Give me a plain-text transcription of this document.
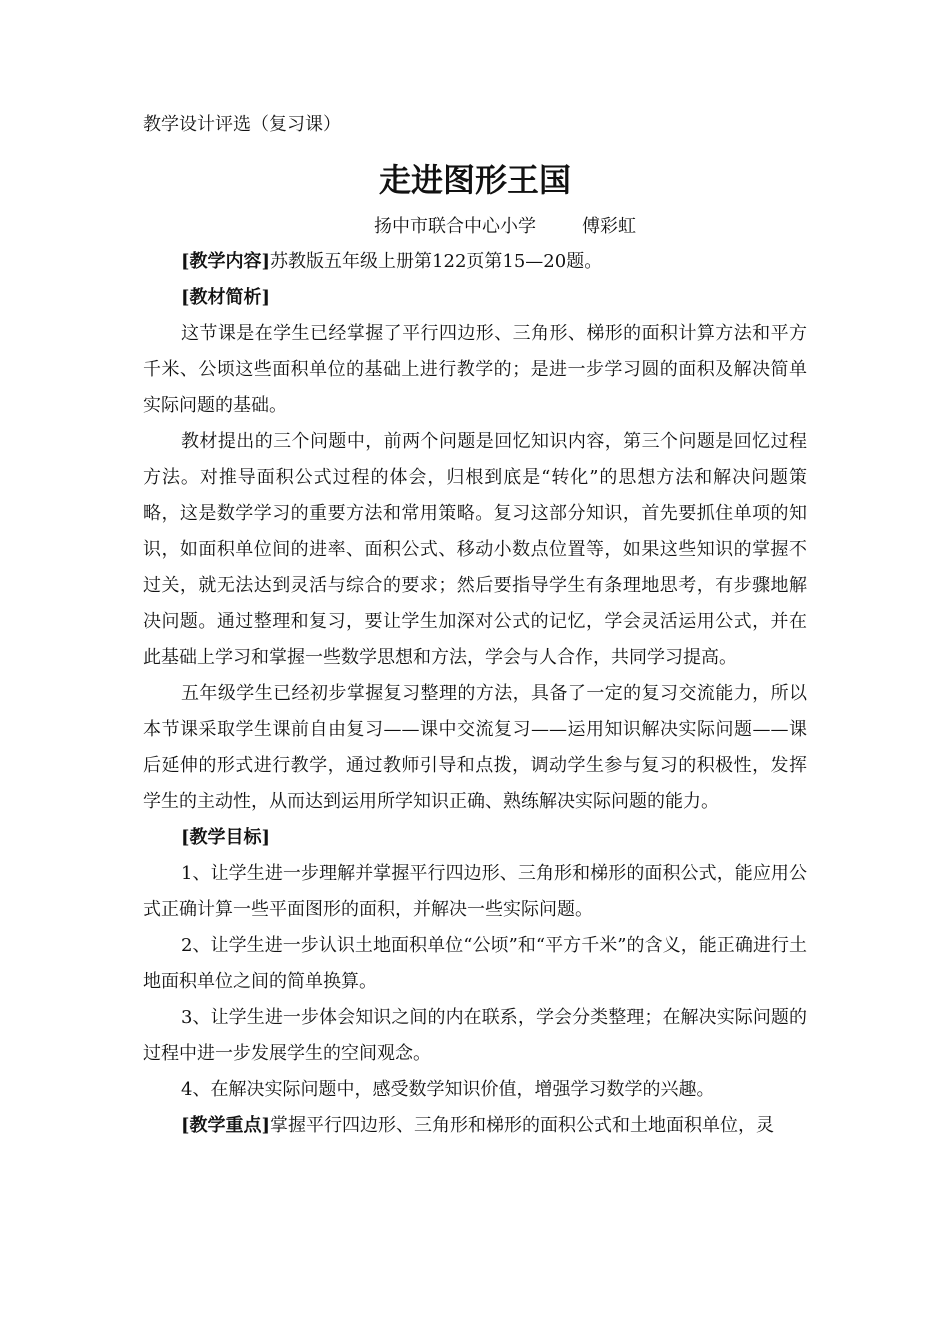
教学设计评选（复习课）

走进图形王国

扬中市联合中心小学	傅彩虹

[教学内容]苏教版五年级上册第122页第15—20题。

[教材简析]

这节课是在学生已经掌握了平行四边形、三角形、梯形的面积计算方法和平方千米、公顷这些面积单位的基础上进行教学的；是进一步学习圆的面积及解决简单实际问题的基础。

教材提出的三个问题中，前两个问题是回忆知识内容，第三个问题是回忆过程方法。对推导面积公式过程的体会，归根到底是“转化”的思想方法和解决问题策略，这是数学学习的重要方法和常用策略。复习这部分知识，首先要抓住单项的知识，如面积单位间的进率、面积公式、移动小数点位置等，如果这些知识的掌握不过关，就无法达到灵活与综合的要求；然后要指导学生有条理地思考，有步骤地解决问题。通过整理和复习，要让学生加深对公式的记忆，学会灵活运用公式，并在此基础上学习和掌握一些数学思想和方法，学会与人合作，共同学习提高。

五年级学生已经初步掌握复习整理的方法，具备了一定的复习交流能力，所以本节课采取学生课前自由复习——课中交流复习——运用知识解决实际问题——课后延伸的形式进行教学，通过教师引导和点拨，调动学生参与复习的积极性，发挥学生的主动性，从而达到运用所学知识正确、熟练解决实际问题的能力。

[教学目标]

1、让学生进一步理解并掌握平行四边形、三角形和梯形的面积公式，能应用公式正确计算一些平面图形的面积，并解决一些实际问题。

2、让学生进一步认识土地面积单位“公顷”和“平方千米”的含义，能正确进行土地面积单位之间的简单换算。

3、让学生进一步体会知识之间的内在联系，学会分类整理；在解决实际问题的过程中进一步发展学生的空间观念。

4、在解决实际问题中，感受数学知识价值，增强学习数学的兴趣。

[教学重点]掌握平行四边形、三角形和梯形的面积公式和土地面积单位，灵
